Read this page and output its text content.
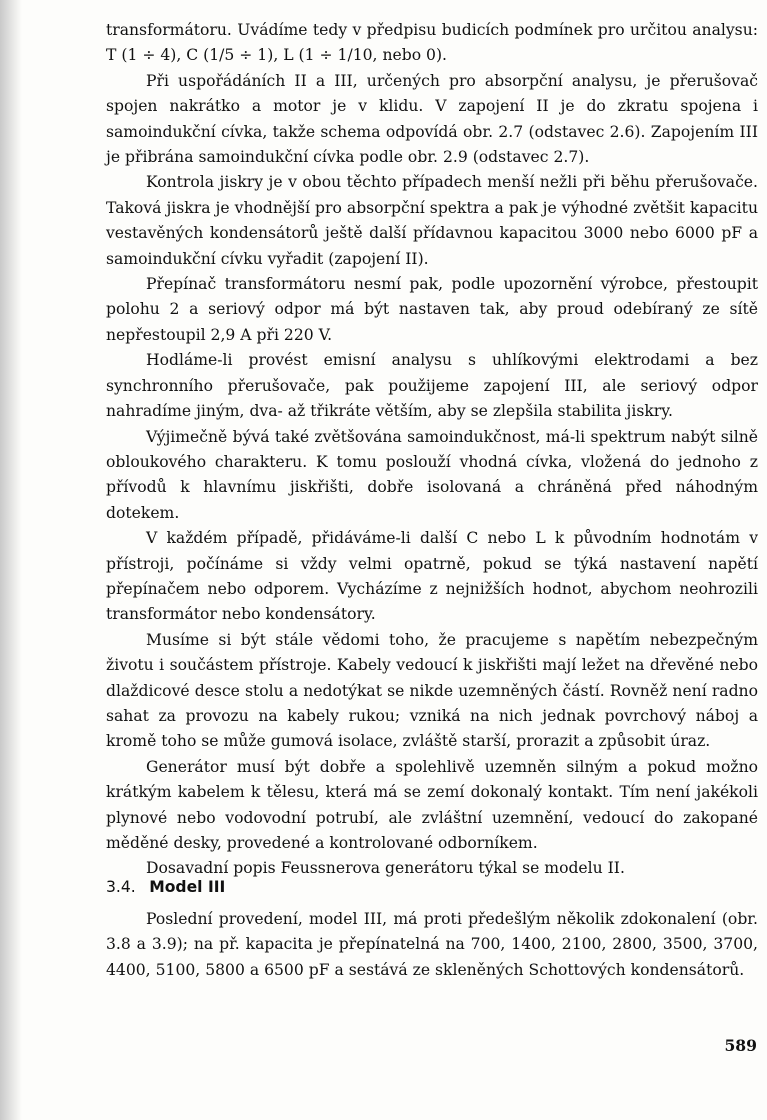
transformátoru. Uvádíme tedy v předpisu budicích podmínek pro určitou analysu: T (1 ÷ 4), C (1/5 ÷ 1), L (1 ÷ 1/10, nebo 0).

Při uspořádáních II a III, určených pro absorpční analysu, je přerušovač spojen nakrátko a motor je v klidu. V zapojení II je do zkratu spojena i samoindukční cívka, takže schema odpovídá obr. 2.7 (odstavec 2.6). Zapojením III je přibrána samoindukční cívka podle obr. 2.9 (odstavec 2.7).

Kontrola jiskry je v obou těchto případech menší nežli při běhu přerušovače. Taková jiskra je vhodnější pro absorpční spektra a pak je výhodné zvětšit kapacitu vestavěných kondensátorů ještě další přídavnou kapacitou 3000 nebo 6000 pF a samoindukční cívku vyřadit (zapojení II).

Přepínač transformátoru nesmí pak, podle upozornění výrobce, přestoupit polohu 2 a seriový odpor má být nastaven tak, aby proud odebíraný ze sítě nepřestoupil 2,9 A při 220 V.

Hodláme-li provést emisní analysu s uhlíkovými elektrodami a bez synchronního přerušovače, pak použijeme zapojení III, ale seriový odpor nahradíme jiným, dva- až třikráte větším, aby se zlepšila stabilita jiskry.

Výjimečně bývá také zvětšována samoindukčnost, má-li spektrum nabýt silně obloukového charakteru. K tomu poslouží vhodná cívka, vložená do jednoho z přívodů k hlavnímu jiskřišti, dobře isolovaná a chráněná před náhodným dotekem.

V každém případě, přidáváme-li další C nebo L k původním hodnotám v přístroji, počínáme si vždy velmi opatrně, pokud se týká nastavení napětí přepínačem nebo odporem. Vycházíme z nejnižších hodnot, abychom neohrozili transformátor nebo kondensátory.

Musíme si být stále vědomi toho, že pracujeme s napětím nebezpečným životu i součástem přístroje. Kabely vedoucí k jiskřišti mají ležet na dřevěné nebo dlaždicové desce stolu a nedotýkat se nikde uzemněných částí. Rovněž není radno sahat za provozu na kabely rukou; vzniká na nich jednak povrchový náboj a kromě toho se může gumová isolace, zvláště starší, prorazit a způsobit úraz.

Generátor musí být dobře a spolehlivě uzemněn silným a pokud možno krátkým kabelem k tělesu, která má se zemí dokonalý kontakt. Tím není jakékoli plynové nebo vodovodní potrubí, ale zvláštní uzemnění, vedoucí do zakopané měděné desky, provedené a kontrolované odborníkem.

Dosavadní popis Feussnerova generátoru týkal se modelu II.

3.4. Model III

Poslední provedení, model III, má proti předešlým několik zdokonalení (obr. 3.8 a 3.9); na př. kapacita je přepínatelná na 700, 1400, 2100, 2800, 3500, 3700, 4400, 5100, 5800 a 6500 pF a sestává ze skleněných Schottových kondensátorů.

589
